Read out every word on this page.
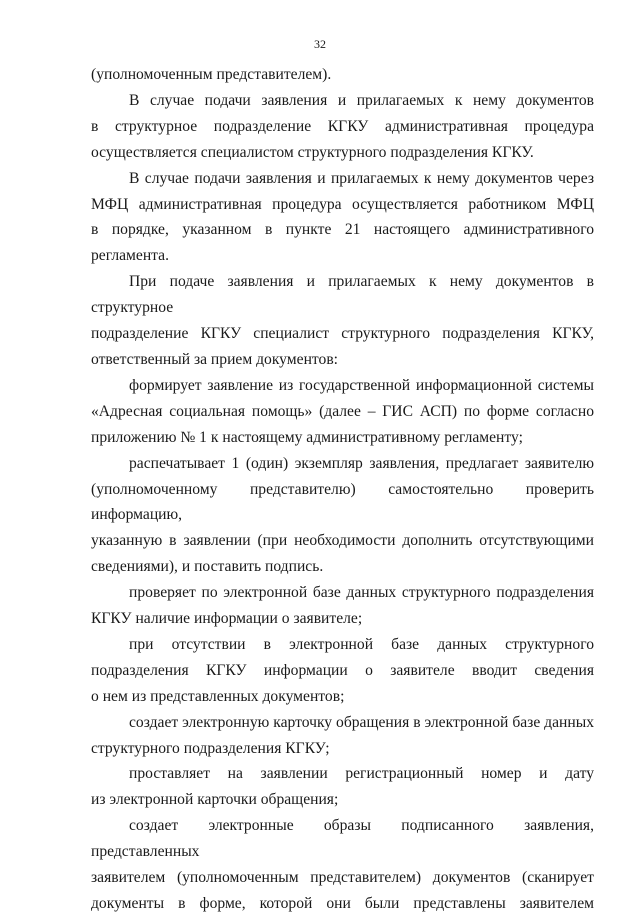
32

(уполномоченным представителем).

В случае подачи заявления и прилагаемых к нему документов

в структурное подразделение КГКУ административная процедура

осуществляется специалистом структурного подразделения КГКУ.

В случае подачи заявления и прилагаемых к нему документов через

МФЦ административная процедура осуществляется работником МФЦ

в порядке, указанном в пункте 21 настоящего административного

регламента.

При подаче заявления и прилагаемых к нему документов в структурное

подразделение КГКУ специалист структурного подразделения КГКУ,

ответственный за прием документов:

формирует заявление из государственной информационной системы

«Адресная социальная помощь» (далее – ГИС АСП) по форме согласно

приложению № 1 к настоящему административному регламенту;

распечатывает 1 (один) экземпляр заявления, предлагает заявителю

(уполномоченному представителю) самостоятельно проверить информацию,

указанную в заявлении (при необходимости дополнить отсутствующими

сведениями), и поставить подпись.

проверяет по электронной базе данных структурного подразделения

КГКУ наличие информации о заявителе;

при отсутствии в электронной базе данных структурного

подразделения КГКУ информации о заявителе вводит сведения

о нем из представленных документов;

создает электронную карточку обращения в электронной базе данных

структурного подразделения КГКУ;

проставляет на заявлении регистрационный номер и дату

из электронной карточки обращения;

создает электронные образы подписанного заявления, представленных

заявителем (уполномоченным представителем) документов (сканирует

документы в форме, которой они были представлены заявителем
